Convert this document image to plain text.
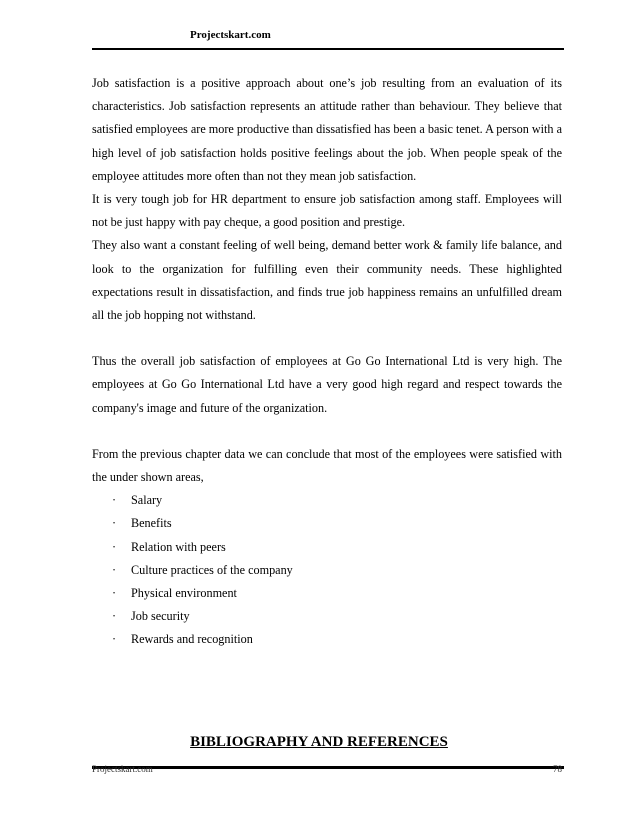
Projectskart.com

Job satisfaction is a positive approach about one’s job resulting from an evaluation of its characteristics. Job satisfaction represents an attitude rather than behaviour. They believe that satisfied employees are more productive than dissatisfied has been a basic tenet. A person with a high level of job satisfaction holds positive feelings about the job. When people speak of the employee attitudes more often than not they mean job satisfaction.

It is very tough job for HR department to ensure job satisfaction among staff. Employees will not be just happy with pay cheque, a good position and prestige.

They also want a constant feeling of well being, demand better work & family life balance, and look to the organization for fulfilling even their community needs. These highlighted expectations result in dissatisfaction, and finds true job happiness remains an unfulfilled dream all the job hopping not withstand.

Thus the overall job satisfaction of employees at Go Go International Ltd is very high. The employees at Go Go International Ltd have a very good high regard and respect towards the company's image and future of the organization.

From the previous chapter data we can conclude that most of the employees were satisfied with the under shown areas,

· Salary
· Benefits
· Relation with peers
· Culture practices of the company
· Physical environment
· Job security
· Rewards and recognition
BIBLIOGRAPHY AND REFERENCES
Projectskart.com	78
